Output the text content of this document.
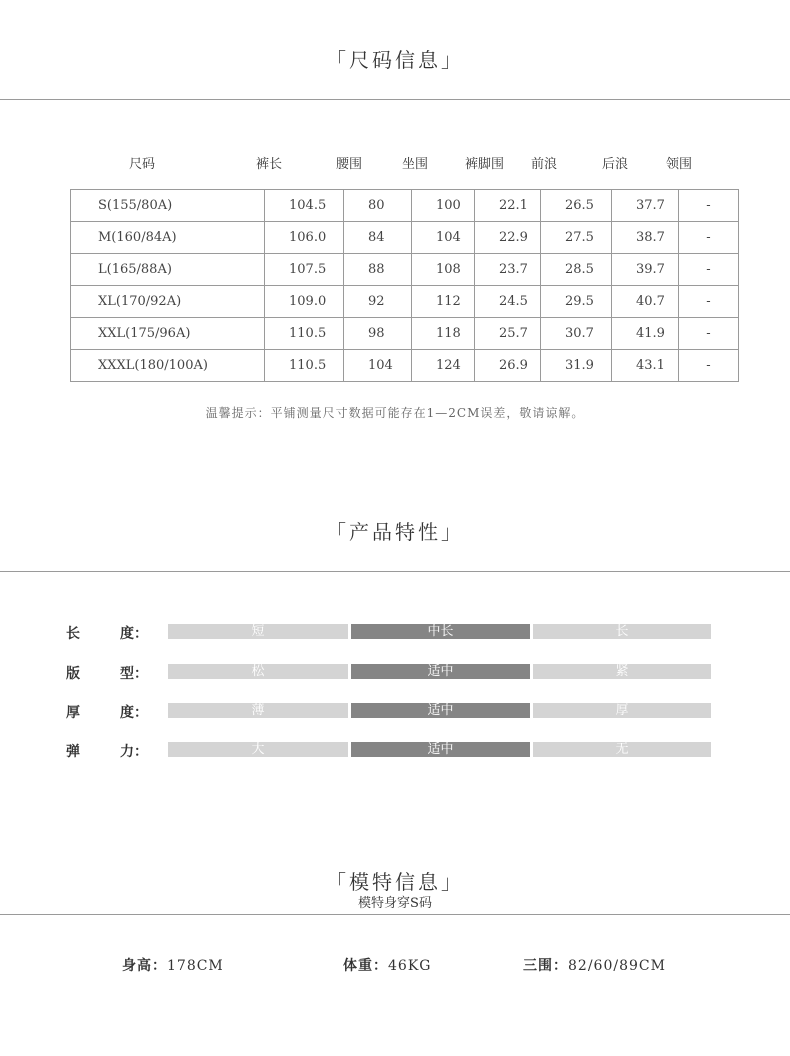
「尺码信息」
尺码	裤长	腰围	坐围	裤脚围 前浪	后浪	领围
S(155/80A)	104.5	80	100	22.1	26.5	37.7	-
M(160/84A)	106.0	84	104	22.9	27.5	38.7	-
L(165/88A)	107.5	88	108	23.7	28.5	39.7	-
XL(170/92A)	109.0	92	112	24.5	29.5	40.7	-
XXL(175/96A)	110.5	98	118	25.7	30.7	41.9	-
XXXL(180/100A)	110.5	104	124	26.9	31.9	43.1	-
温馨提示：平铺测量尺寸数据可能存在1—2CM误差，敬请谅解。
「产品特性」
长	度：	短	中长	长
版	型：	松	适中	紧
厚	度：	薄	适中	厚
弹	力：	大	适中	无
「模特信息」
模特身穿S码
身高：178CM	体重：46KG	三围：82/60/89CM
